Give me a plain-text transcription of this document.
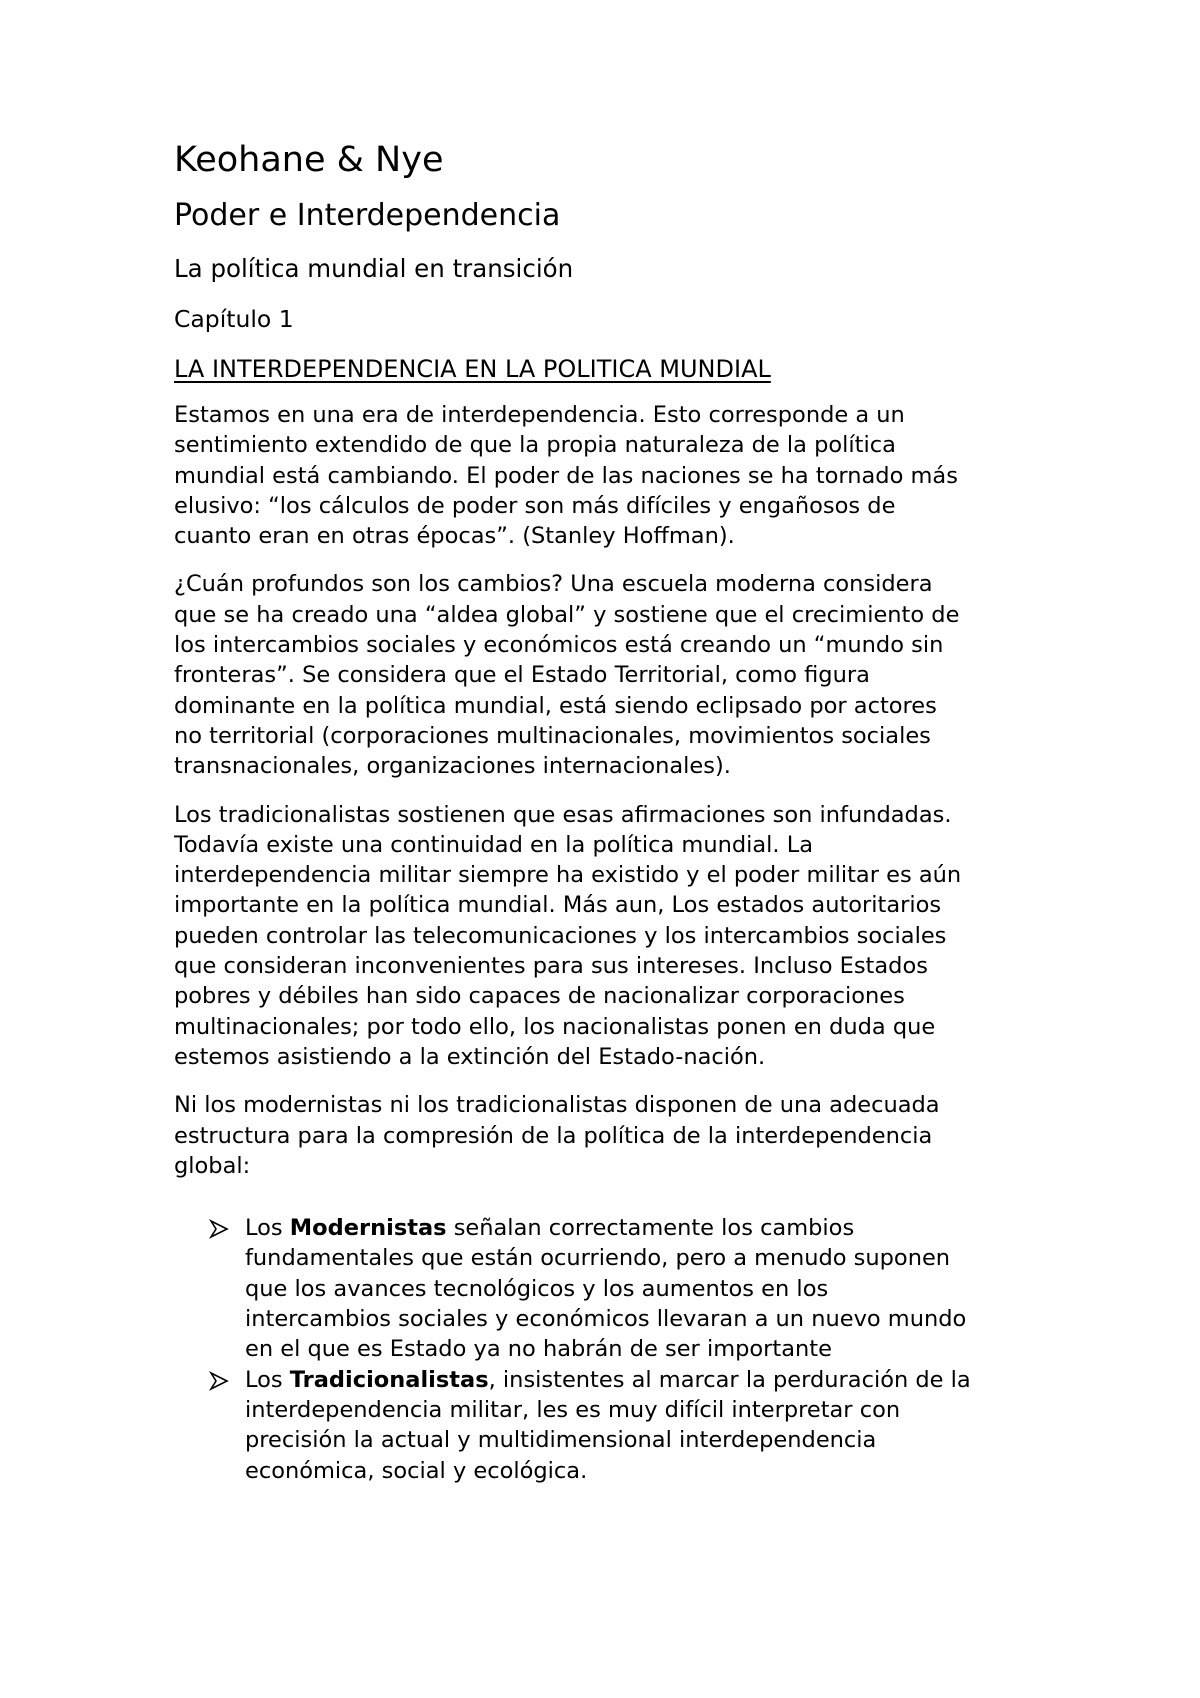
Keohane & Nye
Poder e Interdependencia
La política mundial en transición
Capítulo 1
LA INTERDEPENDENCIA EN LA POLITICA MUNDIAL
Estamos en una era de interdependencia. Esto corresponde a un
sentimiento extendido de que la propia naturaleza de la política
mundial está cambiando. El poder de las naciones se ha tornado más
elusivo: “los cálculos de poder son más difíciles y engañosos de
cuanto eran en otras épocas”. (Stanley Hoffman).
¿Cuán profundos son los cambios? Una escuela moderna considera
que se ha creado una “aldea global” y sostiene que el crecimiento de
los intercambios sociales y económicos está creando un “mundo sin
fronteras”. Se considera que el Estado Territorial, como figura
dominante en la política mundial, está siendo eclipsado por actores
no territorial (corporaciones multinacionales, movimientos sociales
transnacionales, organizaciones internacionales).
Los tradicionalistas sostienen que esas afirmaciones son infundadas.
Todavía existe una continuidad en la política mundial. La
interdependencia militar siempre ha existido y el poder militar es aún
importante en la política mundial. Más aun, Los estados autoritarios
pueden controlar las telecomunicaciones y los intercambios sociales
que consideran inconvenientes para sus intereses. Incluso Estados
pobres y débiles han sido capaces de nacionalizar corporaciones
multinacionales; por todo ello, los nacionalistas ponen en duda que
estemos asistiendo a la extinción del Estado-nación.
Ni los modernistas ni los tradicionalistas disponen de una adecuada
estructura para la compresión de la política de la interdependencia
global:
Los Modernistas señalan correctamente los cambios
fundamentales que están ocurriendo, pero a menudo suponen
que los avances tecnológicos y los aumentos en los
intercambios sociales y económicos llevaran a un nuevo mundo
en el que es Estado ya no habrán de ser importante
Los Tradicionalistas, insistentes al marcar la perduración de la
interdependencia militar, les es muy difícil interpretar con
precisión la actual y multidimensional interdependencia
económica, social y ecológica.
